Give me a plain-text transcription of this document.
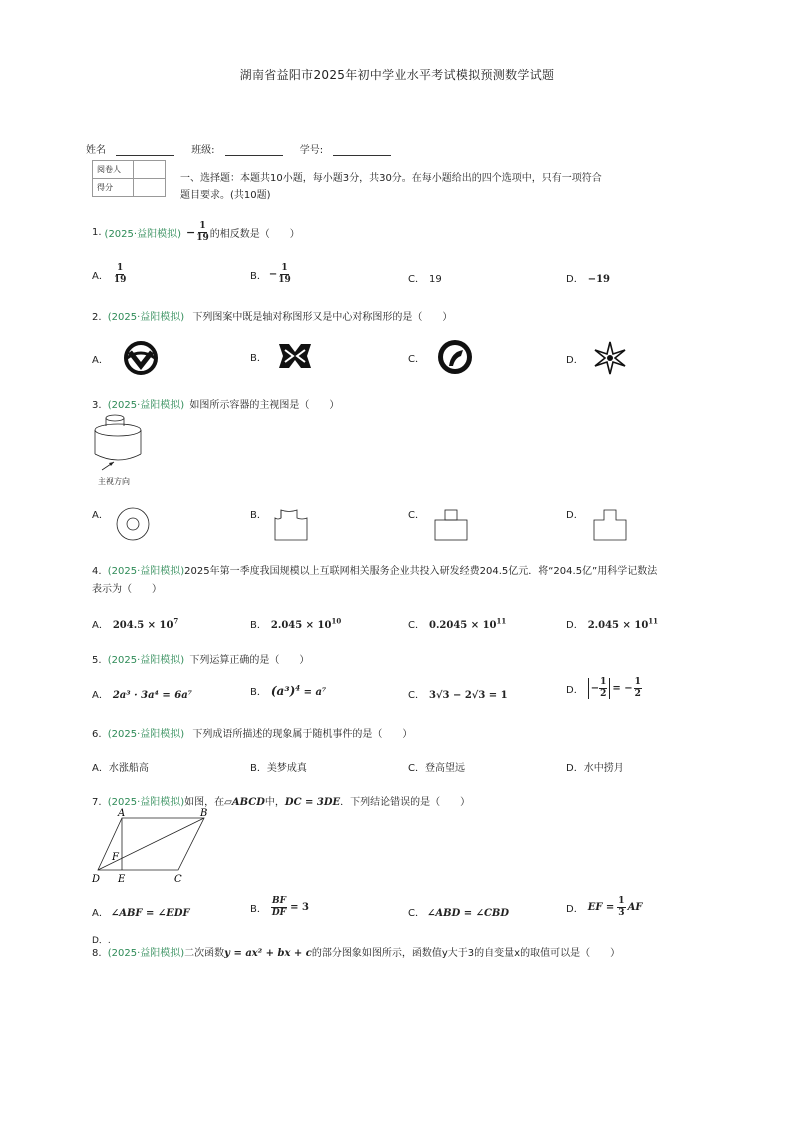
湖南省益阳市2025年初中学业水平考试模拟预测数学试题
姓名	班级:	学号:
阅卷人	
得分	
一、选择题：本题共10小题，每小题3分，共30分。在每小题给出的四个选项中，只有一项符合
题目要求。(共10题)
1. (2025·益阳模拟) − $\frac{1}{19}$ 的相反数是（　　）
A． $\frac{1}{19}$	B． − $\frac{1}{19}$	C． 19	D． −19
2. (2025·益阳模拟) 下列图案中既是轴对称图形又是中心对称图形的是（　　）
A．	B．	C．	D．
3. (2025·益阳模拟) 如图所示容器的主视图是（　　）
主视方向
A．	B．	C．	D．
4. (2025·益阳模拟)2025年第一季度我国规模以上互联网相关服务企业共投入研发经费204.5亿元．将“204.5亿”用科学记数法
表示为（　　）
A． $204.5 \times 10^7$	B． $2.045 \times 10^{10}$	C． $0.2045 \times 10^{11}$	D． $2.045 \times 10^{11}$
5. (2025·益阳模拟) 下列运算正确的是（　　）
A． 2a³ · 3a⁴ = 6a⁷	B． $(a^3)^4 = a^7$	C． 3√3 − 2√3 = 1	D． − $\frac{1}{2}$ = − $\frac{1}{2}$
6. (2025·益阳模拟) 下列成语所描述的现象属于随机事件的是（　　）
A．水涨船高	B．美梦成真	C．登高望远	D．水中捞月
7. (2025·益阳模拟)如图，在▱ABCD中，DC = 3DE．下列结论错误的是（　　）
A	B
C
D E
F
A． ∠ABF = ∠EDF	B． $\frac{BF}{DF} = 3$
C． ∠ABD = ∠CBD	D． EF = $\frac{1}{3}$ AF
D．.
8. (2025·益阳模拟)二次函数y = ax² + bx + c的部分图象如图所示，函数值y大于3的自变量x的取值可以是（　　）
